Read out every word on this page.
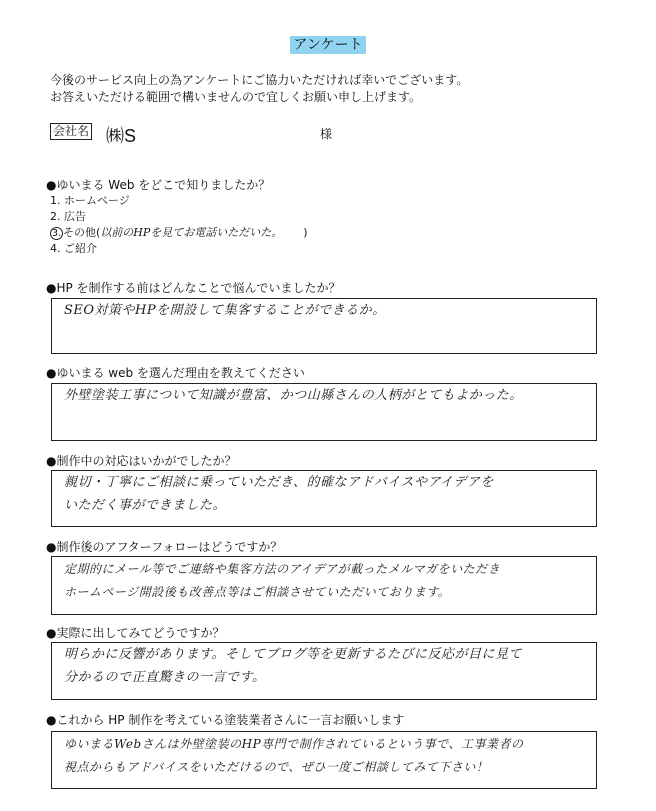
アンケート
今後のサービス向上の為アンケートにご協力いただければ幸いでございます。
お答えいただける範囲で構いませんので宜しくお願い申し上げます。
会社名 ㈱S	様
●ゆいまる Web をどこで知りましたか？
1. ホームページ
2. 広告
3. その他(以前のHPを見てお電話いただいた。 )
4. ご紹介
●HP を制作する前はどんなことで悩んでいましたか？
SEO対策やHPを開設して集客することができるか。
●ゆいまる web を選んだ理由を教えてください
外壁塗装工事について知識が豊富、かつ山縣さんの人柄がとてもよかった。
●制作中の対応はいかがでしたか？
親切・丁寧にご相談に乗っていただき、的確なアドバイスやアイデアを
いただく事ができました。
●制作後のアフターフォローはどうですか？
定期的にメール等でご連絡や集客方法のアイデアが載ったメルマガをいただき
ホームページ開設後も改善点等はご相談させていただいております。
●実際に出してみてどうですか？
明らかに反響があります。そしてブログ等を更新するたびに反応が目に見て
分かるので正直驚きの一言です。
●これから HP 制作を考えている塗装業者さんに一言お願いします
ゆいまるWebさんは外壁塗装のHP専門で制作されているという事で、工事業者の
視点からもアドバイスをいただけるので、ぜひ一度ご相談してみて下さい！
